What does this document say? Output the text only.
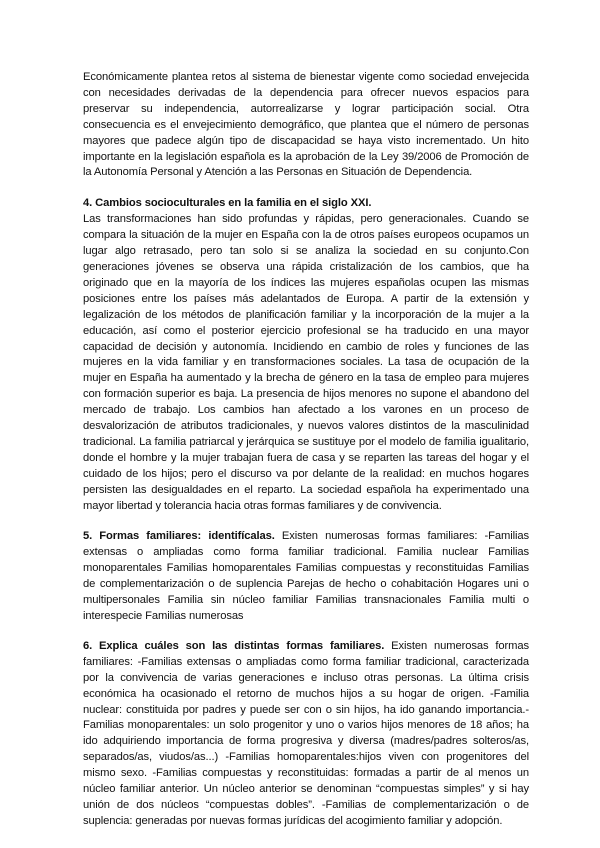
Económicamente plantea retos al sistema de bienestar vigente como sociedad envejecida con necesidades derivadas de la dependencia para ofrecer nuevos espacios para preservar su independencia, autorrealizarse y lograr participación social. Otra consecuencia es el envejecimiento demográfico, que plantea que el número de personas mayores que padece algún tipo de discapacidad se haya visto incrementado. Un hito importante en la legislación española es la aprobación de la Ley 39/2006 de Promoción de la Autonomía Personal y Atención a las Personas en Situación de Dependencia.

4. Cambios socioculturales en la familia en el siglo XXI.

Las transformaciones han sido profundas y rápidas, pero generacionales. Cuando se compara la situación de la mujer en España con la de otros países europeos ocupamos un lugar algo retrasado, pero tan solo si se analiza la sociedad en su conjunto.Con generaciones jóvenes se observa una rápida cristalización de los cambios, que ha originado que en la mayoría de los índices las mujeres españolas ocupen las mismas posiciones entre los países más adelantados de Europa. A partir de la extensión y legalización de los métodos de planificación familiar y la incorporación de la mujer a la educación, así como el posterior ejercicio profesional se ha traducido en una mayor capacidad de decisión y autonomía. Incidiendo en cambio de roles y funciones de las mujeres en la vida familiar y en transformaciones sociales. La tasa de ocupación de la mujer en España ha aumentado y la brecha de género en la tasa de empleo para mujeres con formación superior es baja. La presencia de hijos menores no supone el abandono del mercado de trabajo. Los cambios han afectado a los varones en un proceso de desvalorización de atributos tradicionales, y nuevos valores distintos de la masculinidad tradicional. La familia patriarcal y jerárquica se sustituye por el modelo de familia igualitario, donde el hombre y la mujer trabajan fuera de casa y se reparten las tareas del hogar y el cuidado de los hijos; pero el discurso va por delante de la realidad: en muchos hogares persisten las desigualdades en el reparto. La sociedad española ha experimentado una mayor libertad y tolerancia hacia otras formas familiares y de convivencia.

5. Formas familiares: identifícalas. Existen numerosas formas familiares: -Familias extensas o ampliadas como forma familiar tradicional. Familia nuclear Familias monoparentales Familias homoparentales Familias compuestas y reconstituidas Familias de complementarización o de suplencia Parejas de hecho o cohabitación Hogares uni o multipersonales Familia sin núcleo familiar Familias transnacionales Familia multi o interespecie Familias numerosas

6. Explica cuáles son las distintas formas familiares. Existen numerosas formas familiares: -Familias extensas o ampliadas como forma familiar tradicional, caracterizada por la convivencia de varias generaciones e incluso otras personas. La última crisis económica ha ocasionado el retorno de muchos hijos a su hogar de origen. -Familia nuclear: constituida por padres y puede ser con o sin hijos, ha ido ganando importancia.-Familias monoparentales: un solo progenitor y uno o varios hijos menores de 18 años; ha ido adquiriendo importancia de forma progresiva y diversa (madres/padres solteros/as, separados/as, viudos/as...) -Familias homoparentales:hijos viven con progenitores del mismo sexo. -Familias compuestas y reconstituidas: formadas a partir de al menos un núcleo familiar anterior. Un núcleo anterior se denominan “compuestas simples” y si hay unión de dos núcleos “compuestas dobles”. -Familias de complementarización o de suplencia: generadas por nuevas formas jurídicas del acogimiento familiar y adopción.
